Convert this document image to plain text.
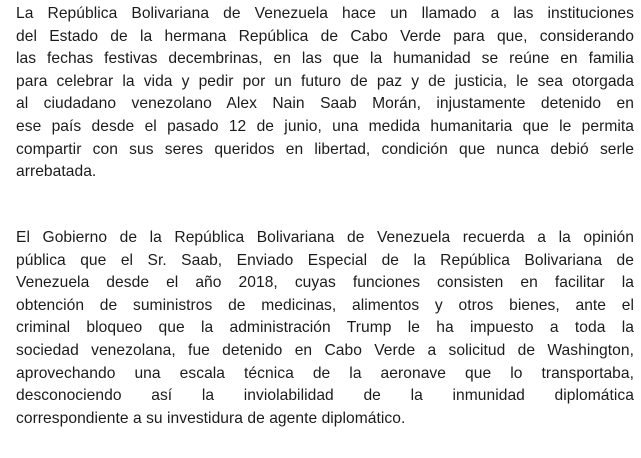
La República Bolivariana de Venezuela hace un llamado a las instituciones
del Estado de la hermana República de Cabo Verde para que, considerando
las fechas festivas decembrinas, en las que la humanidad se reúne en familia
para celebrar la vida y pedir por un futuro de paz y de justicia, le sea otorgada
al ciudadano venezolano Alex Nain Saab Morán, injustamente detenido en
ese país desde el pasado 12 de junio, una medida humanitaria que le permita
compartir con sus seres queridos en libertad, condición que nunca debió serle
arrebatada.

El Gobierno de la República Bolivariana de Venezuela recuerda a la opinión
pública que el Sr. Saab, Enviado Especial de la República Bolivariana de
Venezuela desde el año 2018, cuyas funciones consisten en facilitar la
obtención de suministros de medicinas, alimentos y otros bienes, ante el
criminal bloqueo que la administración Trump le ha impuesto a toda la
sociedad venezolana, fue detenido en Cabo Verde a solicitud de Washington,
aprovechando una escala técnica de la aeronave que lo transportaba,
desconociendo así la inviolabilidad de la inmunidad diplomática
correspondiente a su investidura de agente diplomático.
